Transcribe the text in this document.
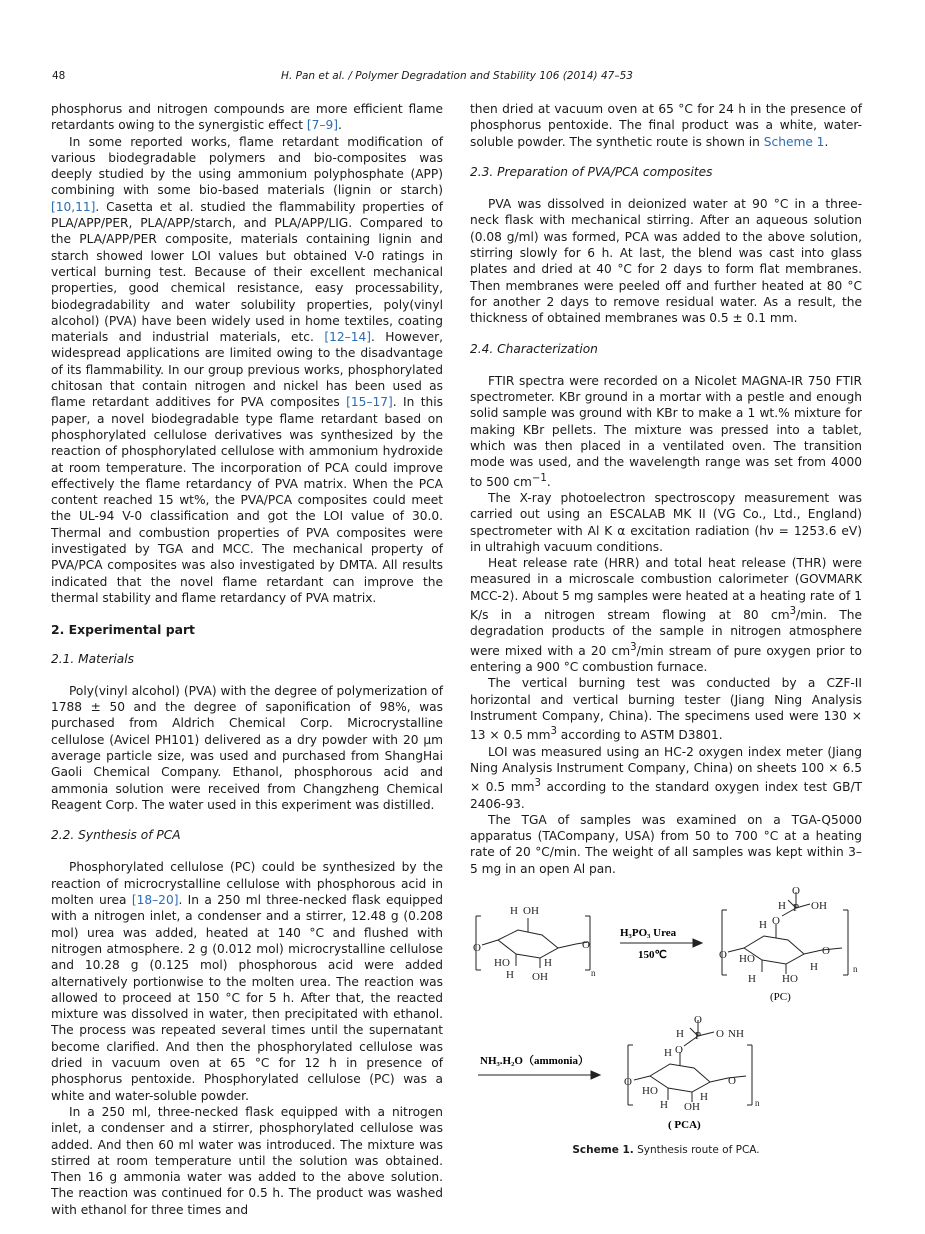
48	H. Pan et al. / Polymer Degradation and Stability 106 (2014) 47–53

phosphorus and nitrogen compounds are more efficient flame retardants owing to the synergistic effect [7–9].

In some reported works, flame retardant modification of various biodegradable polymers and bio-composites was deeply studied by the using ammonium polyphosphate (APP) combining with some bio-based materials (lignin or starch) [10,11]. Casetta et al. studied the flammability properties of PLA/APP/PER, PLA/APP/starch, and PLA/APP/LIG. Compared to the PLA/APP/PER composite, materials containing lignin and starch showed lower LOI values but obtained V-0 ratings in vertical burning test. Because of their excellent mechanical properties, good chemical resistance, easy processability, biodegradability and water solubility properties, poly(vinyl alcohol) (PVA) have been widely used in home textiles, coating materials and industrial materials, etc. [12–14]. However, widespread applications are limited owing to the disadvantage of its flammability. In our group previous works, phosphorylated chitosan that contain nitrogen and nickel has been used as flame retardant additives for PVA composites [15–17]. In this paper, a novel biodegradable type flame retardant based on phosphorylated cellulose derivatives was synthesized by the reaction of phosphorylated cellulose with ammonium hydroxide at room temperature. The incorporation of PCA could improve effectively the flame retardancy of PVA matrix. When the PCA content reached 15 wt%, the PVA/PCA composites could meet the UL-94 V-0 classification and got the LOI value of 30.0. Thermal and combustion properties of PVA composites were investigated by TGA and MCC. The mechanical property of PVA/PCA composites was also investigated by DMTA. All results indicated that the novel flame retardant can improve the thermal stability and flame retardancy of PVA matrix.

2. Experimental part
2.1. Materials

Poly(vinyl alcohol) (PVA) with the degree of polymerization of 1788 ± 50 and the degree of saponification of 98%, was purchased from Aldrich Chemical Corp. Microcrystalline cellulose (Avicel PH101) delivered as a dry powder with 20 μm average particle size, was used and purchased from ShangHai Gaoli Chemical Company. Ethanol, phosphorous acid and ammonia solution were received from Changzheng Chemical Reagent Corp. The water used in this experiment was distilled.

2.2. Synthesis of PCA

Phosphorylated cellulose (PC) could be synthesized by the reaction of microcrystalline cellulose with phosphorous acid in molten urea [18–20]. In a 250 ml three-necked flask equipped with a nitrogen inlet, a condenser and a stirrer, 12.48 g (0.208 mol) urea was added, heated at 140 °C and flushed with nitrogen atmosphere. 2 g (0.012 mol) microcrystalline cellulose and 10.28 g (0.125 mol) phosphorous acid were added alternatively portionwise to the molten urea. The reaction was allowed to proceed at 150 °C for 5 h. After that, the reacted mixture was dissolved in water, then precipitated with ethanol. The process was repeated several times until the supernatant become clarified. And then the phosphorylated cellulose was dried in vacuum oven at 65 °C for 12 h in presence of phosphorus pentoxide. Phosphorylated cellulose (PC) was a white and water-soluble powder.

In a 250 ml, three-necked flask equipped with a nitrogen inlet, a condenser and a stirrer, phosphorylated cellulose was added. And then 60 ml water was introduced. The mixture was stirred at room temperature until the solution was obtained. Then 16 g ammonia water was added to the above solution. The reaction was continued for 0.5 h. The product was washed with ethanol for three times and

then dried at vacuum oven at 65 °C for 24 h in the presence of phosphorus pentoxide. The final product was a white, water-soluble powder. The synthetic route is shown in Scheme 1.

2.3. Preparation of PVA/PCA composites

PVA was dissolved in deionized water at 90 °C in a three-neck flask with mechanical stirring. After an aqueous solution (0.08 g/ml) was formed, PCA was added to the above solution, stirring slowly for 6 h. At last, the blend was cast into glass plates and dried at 40 °C for 2 days to form flat membranes. Then membranes were peeled off and further heated at 80 °C for another 2 days to remove residual water. As a result, the thickness of obtained membranes was 0.5 ± 0.1 mm.

2.4. Characterization

FTIR spectra were recorded on a Nicolet MAGNA-IR 750 FTIR spectrometer. KBr ground in a mortar with a pestle and enough solid sample was ground with KBr to make a 1 wt.% mixture for making KBr pellets. The mixture was pressed into a tablet, which was then placed in a ventilated oven. The transition mode was used, and the wavelength range was set from 4000 to 500 $cm^{-1}$.

The X-ray photoelectron spectroscopy measurement was carried out using an ESCALAB MK II (VG Co., Ltd., England) spectrometer with Al K α excitation radiation (hν = 1253.6 eV) in ultrahigh vacuum conditions.

Heat release rate (HRR) and total heat release (THR) were measured in a microscale combustion calorimeter (GOVMARK MCC-2). About 5 mg samples were heated at a heating rate of 1 K/s in a nitrogen stream flowing at 80 $cm^3/\min$. The degradation products of the sample in nitrogen atmosphere were mixed with a 20 $cm^3/\min$ stream of pure oxygen prior to entering a 900 °C combustion furnace.

The vertical burning test was conducted by a CZF-II horizontal and vertical burning tester (Jiang Ning Analysis Instrument Company, China). The specimens used were 130 × 13 × 0.5 $mm^3$ according to ASTM D3801.

LOI was measured using an HC-2 oxygen index meter (Jiang Ning Analysis Instrument Company, China) on sheets 100 × 6.5 × 0.5 $mm^3$ according to the standard oxygen index test GB/T 2406-93.

The TGA of samples was examined on a TGA-Q5000 apparatus (TACompany, USA) from 50 to 700 °C at a heating rate of 20 °C/min. The weight of all samples was kept within 3–5 mg in an open Al pan.

H OH
O	O
HO
H OH
H
n
O
H P OH
O
H
O	O
HO
H HO
H	n
O
H P O NH
O
H
O	O
HO
H OH
H	n
H₃PO₃ Urea
150℃
NH₃.H₂O（ammonia）
(PC)
( PCA)
Scheme 1. Synthesis route of PCA.
